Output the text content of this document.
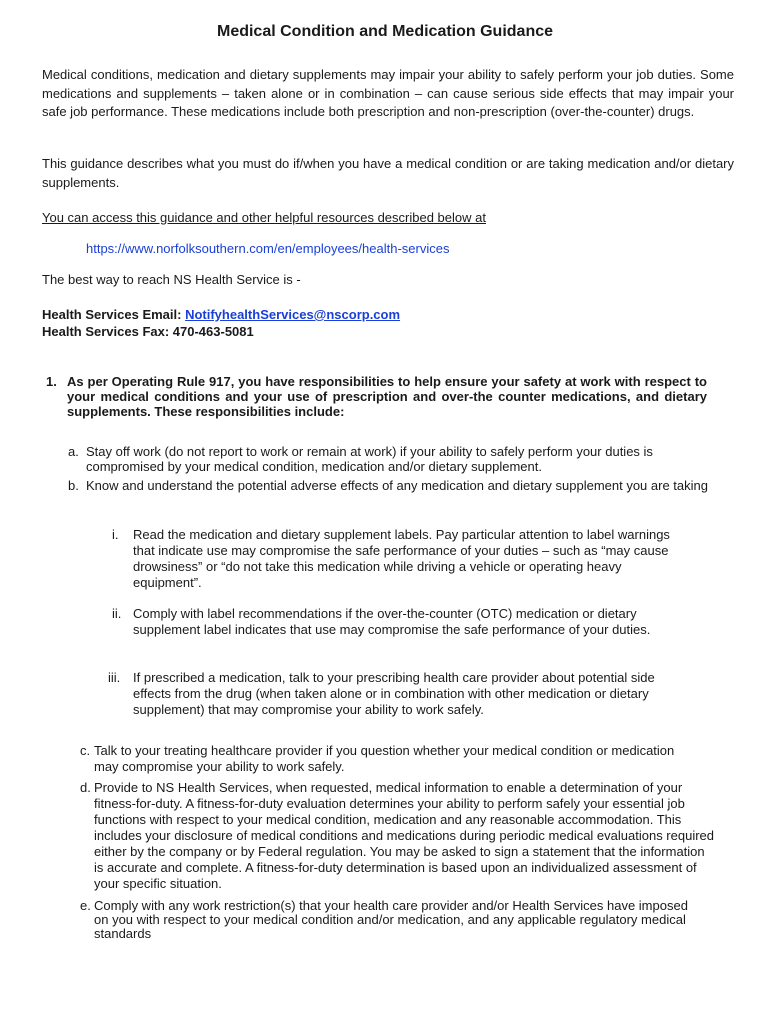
Medical Condition and Medication Guidance
Medical conditions, medication and dietary supplements may impair your ability to safely perform your job duties. Some medications and supplements – taken alone or in combination – can cause serious side effects that may impair your safe job performance. These medications include both prescription and non-prescription (over-the-counter) drugs.
This guidance describes what you must do if/when you have a medical condition or are taking medication and/or dietary supplements.
You can access this guidance and other helpful resources described below at
https://www.norfolksouthern.com/en/employees/health-services
The best way to reach NS Health Service is -
Health Services Email: NotifyhealthServices@nscorp.com
Health Services Fax: 470-463-5081
1. As per Operating Rule 917, you have responsibilities to help ensure your safety at work with respect to your medical conditions and your use of prescription and over-the counter medications, and dietary supplements. These responsibilities include:
a. Stay off work (do not report to work or remain at work) if your ability to safely perform your duties is compromised by your medical condition, medication and/or dietary supplement.
b. Know and understand the potential adverse effects of any medication and dietary supplement you are taking
i. Read the medication and dietary supplement labels. Pay particular attention to label warnings that indicate use may compromise the safe performance of your duties – such as “may cause drowsiness” or “do not take this medication while driving a vehicle or operating heavy equipment”.
ii. Comply with label recommendations if the over-the-counter (OTC) medication or dietary supplement label indicates that use may compromise the safe performance of your duties.
iii. If prescribed a medication, talk to your prescribing health care provider about potential side effects from the drug (when taken alone or in combination with other medication or dietary supplement) that may compromise your ability to work safely.
c. Talk to your treating healthcare provider if you question whether your medical condition or medication may compromise your ability to work safely.
d. Provide to NS Health Services, when requested, medical information to enable a determination of your fitness-for-duty. A fitness-for-duty evaluation determines your ability to perform safely your essential job functions with respect to your medical condition, medication and any reasonable accommodation. This includes your disclosure of medical conditions and medications during periodic medical evaluations required either by the company or by Federal regulation. You may be asked to sign a statement that the information is accurate and complete. A fitness-for-duty determination is based upon an individualized assessment of your specific situation.
e. Comply with any work restriction(s) that your health care provider and/or Health Services have imposed on you with respect to your medical condition and/or medication, and any applicable regulatory medical standards
